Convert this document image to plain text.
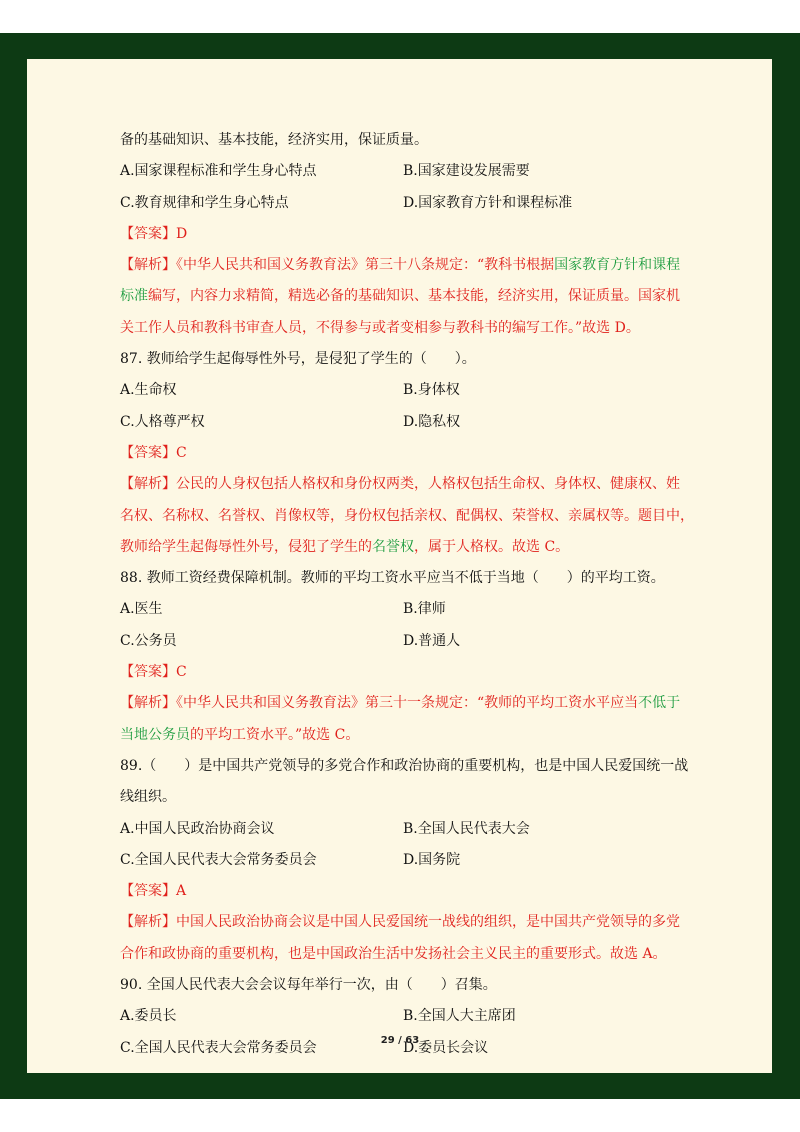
备的基础知识、基本技能，经济实用，保证质量。
A.国家课程标准和学生身心特点	B.国家建设发展需要
C.教育规律和学生身心特点	D.国家教育方针和课程标准
【答案】D
【解析】《中华人民共和国义务教育法》第三十八条规定：“教科书根据国家教育方针和课程
标准编写，内容力求精简，精选必备的基础知识、基本技能，经济实用，保证质量。国家机
关工作人员和教科书审查人员，不得参与或者变相参与教科书的编写工作。”故选 D。
87. 教师给学生起侮辱性外号，是侵犯了学生的（　　）。
A.生命权	B.身体权
C.人格尊严权	D.隐私权
【答案】C
【解析】公民的人身权包括人格权和身份权两类，人格权包括生命权、身体权、健康权、姓
名权、名称权、名誉权、肖像权等，身份权包括亲权、配偶权、荣誉权、亲属权等。题目中，
教师给学生起侮辱性外号，侵犯了学生的名誉权，属于人格权。故选 C。
88. 教师工资经费保障机制。教师的平均工资水平应当不低于当地（　　）的平均工资。
A.医生	B.律师
C.公务员	D.普通人
【答案】C
【解析】《中华人民共和国义务教育法》第三十一条规定：“教师的平均工资水平应当不低于
当地公务员的平均工资水平。”故选 C。
89.（　　）是中国共产党领导的多党合作和政治协商的重要机构，也是中国人民爱国统一战
线组织。
A.中国人民政治协商会议	B.全国人民代表大会
C.全国人民代表大会常务委员会	D.国务院
【答案】A
【解析】中国人民政治协商会议是中国人民爱国统一战线的组织，是中国共产党领导的多党
合作和政协商的重要机构，也是中国政治生活中发扬社会主义民主的重要形式。故选 A。
90. 全国人民代表大会会议每年举行一次，由（　　）召集。
A.委员长	B.全国人大主席团
C.全国人民代表大会常务委员会	D.委员长会议
29 / 63
